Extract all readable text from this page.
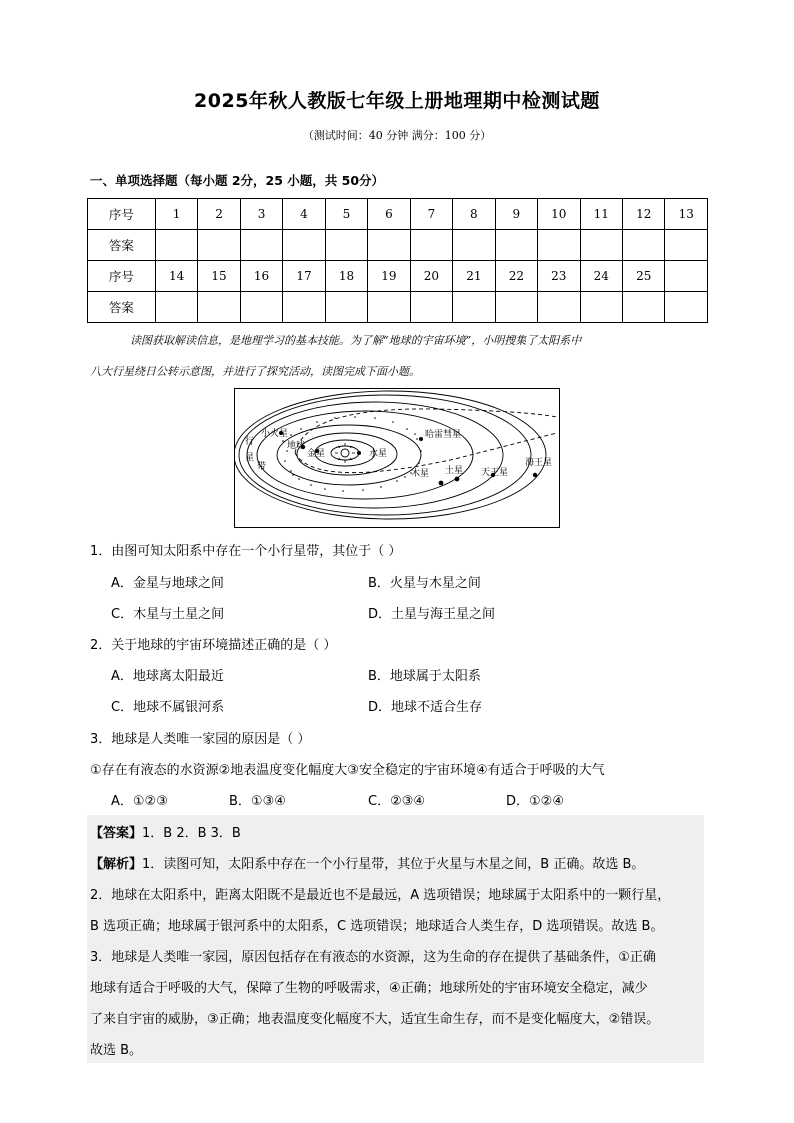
2025年秋人教版七年级上册地理期中检测试题
（测试时间：40 分钟 满分：100 分）
一、单项选择题（每小题 2分，25 小题，共 50分）
序号	1	2	3	4	5	6	7	8	9	10	11	12	13
答案													
序号	14	15	16	17	18	19	20	21	22	23	24	25	
答案													
读图获取解读信息，是地理学习的基本技能。为了解“地球的宇宙环境”，小明搜集了太阳系中
八大行星绕日公转示意图，并进行了探究活动，读图完成下面小题。
行
星
带
小火星
地球
金星	水星
哈雷彗星
木星 土星 天王星
海王星
1．由图可知太阳系中存在一个小行星带，其位于（ ）
A．金星与地球之间	B．火星与木星之间
C．木星与土星之间	D．土星与海王星之间
2．关于地球的宇宙环境描述正确的是（ ）
A．地球离太阳最近	B．地球属于太阳系
C．地球不属银河系	D．地球不适合生存
3．地球是人类唯一家园的原因是（ ）
①存在有液态的水资源②地表温度变化幅度大③安全稳定的宇宙环境④有适合于呼吸的大气
A．①②③	B．①③④	C．②③④	D．①②④
【答案】1．B 2．B 3．B
【解析】1．读图可知，太阳系中存在一个小行星带，其位于火星与木星之间，B 正确。故选 B。
2．地球在太阳系中，距离太阳既不是最近也不是最远，A 选项错误；地球属于太阳系中的一颗行星，
B 选项正确；地球属于银河系中的太阳系，C 选项错误；地球适合人类生存，D 选项错误。故选 B。
3．地球是人类唯一家园，原因包括存在有液态的水资源，这为生命的存在提供了基础条件，①正确
地球有适合于呼吸的大气，保障了生物的呼吸需求，④正确；地球所处的宇宙环境安全稳定，减少
了来自宇宙的威胁，③正确；地表温度变化幅度不大，适宜生命生存，而不是变化幅度大，②错误。
故选 B。
